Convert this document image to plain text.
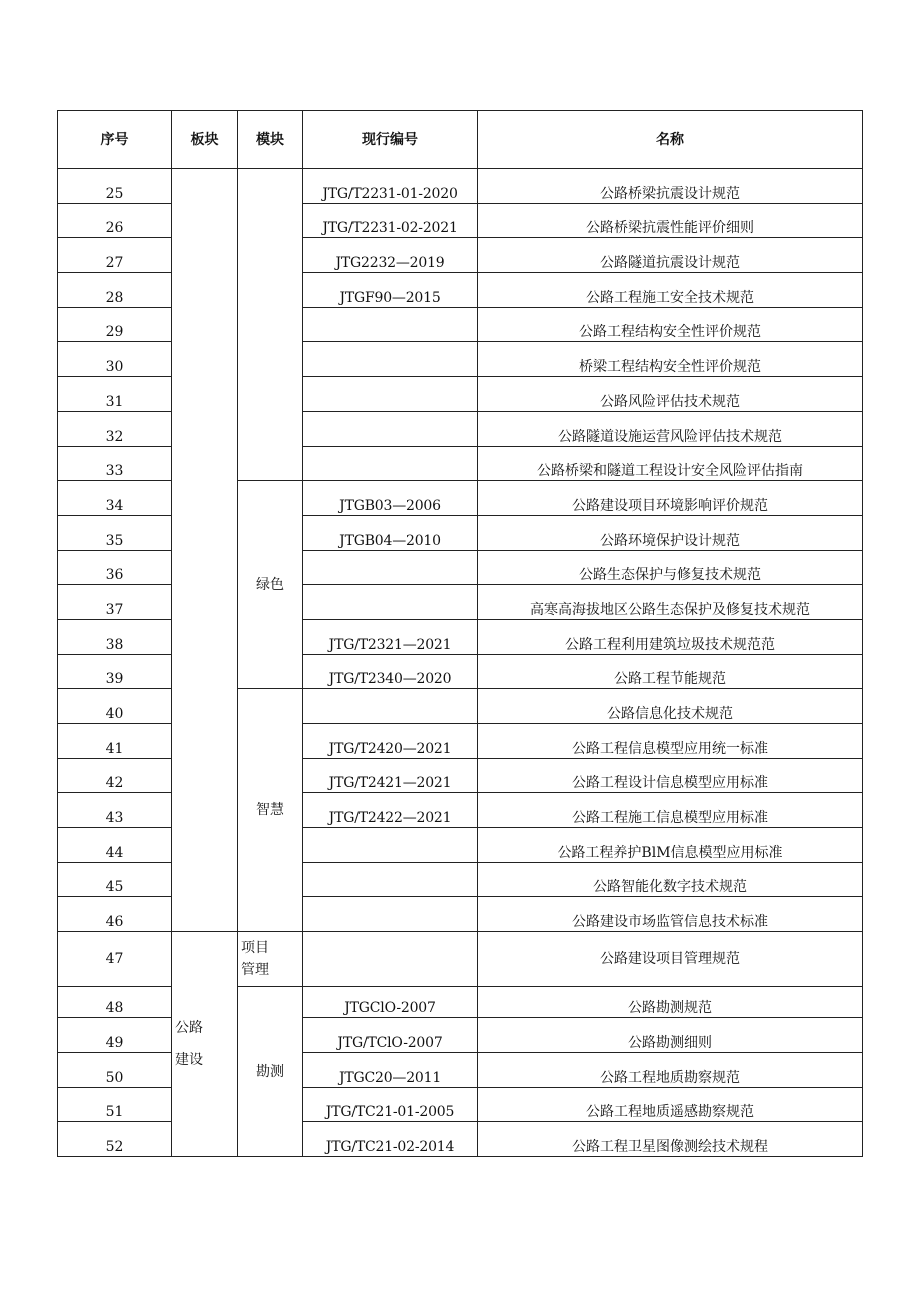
序号	板块	模块	现行编号	名称
25			JTG/T2231-01-2020	公路桥梁抗震设计规范
26			JTG/T2231-02-2021	公路桥梁抗震性能评价细则
27			JTG2232—2019	公路隧道抗震设计规范
28			JTGF90—2015	公路工程施工安全技术规范
29				公路工程结构安全性评价规范
30				桥梁工程结构安全性评价规范
31				公路风险评估技术规范
32				公路隧道设施运营风险评估技术规范
33				公路桥梁和隧道工程设计安全风险评估指南
34		绿色	JTGB03—2006	公路建设项目环境影响评价规范
35			JTGB04—2010	公路环境保护设计规范
36				公路生态保护与修复技术规范
37				高寒高海拔地区公路生态保护及修复技术规范
38			JTG/T2321—2021	公路工程利用建筑垃圾技术规范范
39			JTG/T2340—2020	公路工程节能规范
40		智慧		公路信息化技术规范
41			JTG/T2420—2021	公路工程信息模型应用统一标准
42			JTG/T2421—2021	公路工程设计信息模型应用标准
43			JTG/T2422—2021	公路工程施工信息模型应用标准
44				公路工程养护BlM信息模型应用标准
45				公路智能化数字技术规范
46				公路建设市场监管信息技术标准
47	公路建设	项目管理		公路建设项目管理规范
48		勘测	JTGClO-2007	公路勘测规范
49			JTG/TClO-2007	公路勘测细则
50			JTGC20—2011	公路工程地质勘察规范
51			JTG/TC21-01-2005	公路工程地质遥感勘察规范
52			JTG/TC21-02-2014	公路工程卫星图像测绘技术规程
